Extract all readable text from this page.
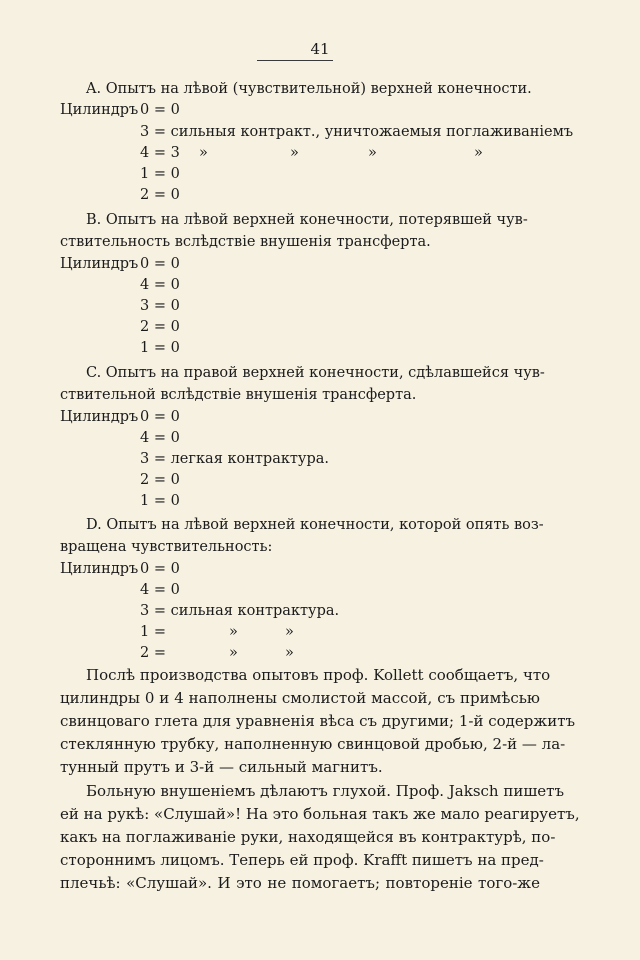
41
A. Опытъ на лѣвой (чувствительной) верхней конечности.
Цилиндръ 0 = 0
3 = сильныя контракт., уничтожаемыя поглаживаніемъ
4 = 3 »	»	»	»
1 = 0
2 = 0
B. Опытъ на лѣвой верхней конечности, потерявшей чув-
ствительность вслѣдствіе внушенія трансферта.
Цилиндръ 0 = 0
4 = 0
3 = 0
2 = 0
1 = 0
C. Опытъ на правой верхней конечности, сдѣлавшейся чув-
ствительной вслѣдствіе внушенія трансферта.
Цилиндръ 0 = 0
4 = 0
3 = легкая контрактура.
2 = 0
1 = 0
D. Опытъ на лѣвой верхней конечности, которой опять воз-
вращена чувствительность:
Цилиндръ 0 = 0
4 = 0
3 = сильная контрактура.
1 =	»	»
2 =	»	»
Послѣ производства опытовъ проф. Kollett сообщаетъ, что
цилиндры 0 и 4 наполнены смолистой массой, съ примѣсью
свинцоваго глета для уравненія вѣса съ другими; 1-й содержитъ
стеклянную трубку, наполненную свинцовой дробью, 2-й — ла-
тунный прутъ и 3-й — сильный магнитъ.
Больную внушеніемъ дѣлаютъ глухой. Проф. Jaksch пишетъ
ей на рукѣ: «Слушай»! На это больная такъ же мало реагируетъ,
какъ на поглаживаніе руки, находящейся въ контрактурѣ, по-
стороннимъ лицомъ. Теперь ей проф. Krafft пишетъ на пред-
плечьѣ: «Слушай». И это не помогаетъ; повтореніе того-же
